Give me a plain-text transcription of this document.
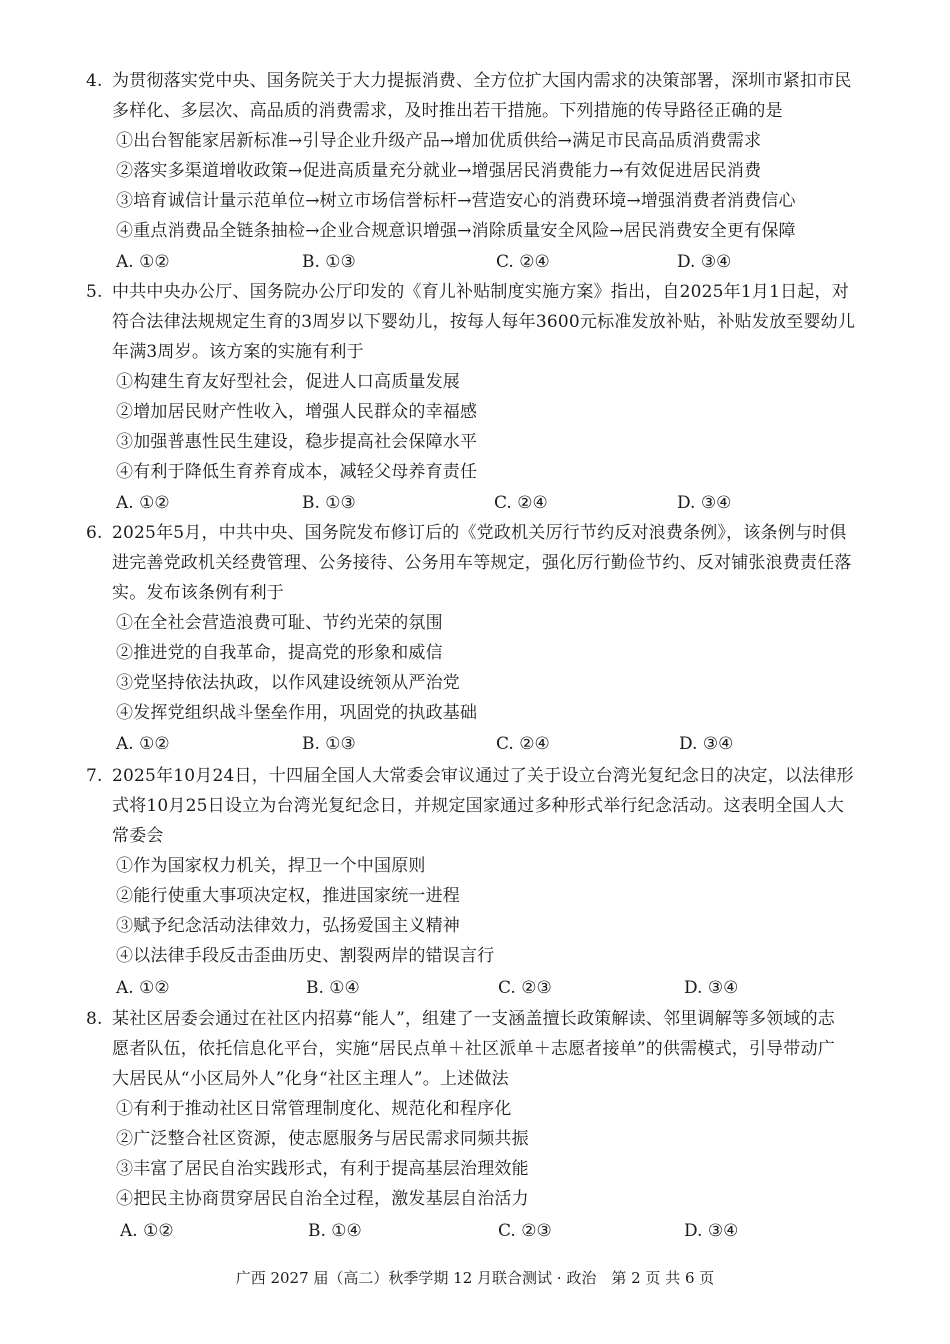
4. 为贯彻落实党中央、国务院关于大力提振消费、全方位扩大国内需求的决策部署，深圳市紧扣市民
多样化、多层次、高品质的消费需求，及时推出若干措施。下列措施的传导路径正确的是
①出台智能家居新标准→引导企业升级产品→增加优质供给→满足市民高品质消费需求
②落实多渠道增收政策→促进高质量充分就业→增强居民消费能力→有效促进居民消费
③培育诚信计量示范单位→树立市场信誉标杆→营造安心的消费环境→增强消费者消费信心
④重点消费品全链条抽检→企业合规意识增强→消除质量安全风险→居民消费安全更有保障
A. ①②	B. ①③	C. ②④	D. ③④
5. 中共中央办公厅、国务院办公厅印发的《育儿补贴制度实施方案》指出，自2025年1月1日起，对
符合法律法规规定生育的3周岁以下婴幼儿，按每人每年3600元标准发放补贴，补贴发放至婴幼儿
年满3周岁。该方案的实施有利于
①构建生育友好型社会，促进人口高质量发展
②增加居民财产性收入，增强人民群众的幸福感
③加强普惠性民生建设，稳步提高社会保障水平
④有利于降低生育养育成本，减轻父母养育责任
A. ①②	B. ①③	C. ②④	D. ③④
6. 2025年5月，中共中央、国务院发布修订后的《党政机关厉行节约反对浪费条例》，该条例与时俱
进完善党政机关经费管理、公务接待、公务用车等规定，强化厉行勤俭节约、反对铺张浪费责任落
实。发布该条例有利于
①在全社会营造浪费可耻、节约光荣的氛围
②推进党的自我革命，提高党的形象和威信
③党坚持依法执政，以作风建设统领从严治党
④发挥党组织战斗堡垒作用，巩固党的执政基础
A. ①②	B. ①③	C. ②④	D. ③④
7. 2025年10月24日，十四届全国人大常委会审议通过了关于设立台湾光复纪念日的决定，以法律形
式将10月25日设立为台湾光复纪念日，并规定国家通过多种形式举行纪念活动。这表明全国人大
常委会
①作为国家权力机关，捍卫一个中国原则
②能行使重大事项决定权，推进国家统一进程
③赋予纪念活动法律效力，弘扬爱国主义精神
④以法律手段反击歪曲历史、割裂两岸的错误言行
A. ①②	B. ①④	C. ②③	D. ③④
8. 某社区居委会通过在社区内招募“能人”，组建了一支涵盖擅长政策解读、邻里调解等多领域的志
愿者队伍，依托信息化平台，实施“居民点单＋社区派单＋志愿者接单”的供需模式，引导带动广
大居民从“小区局外人”化身“社区主理人”。上述做法
①有利于推动社区日常管理制度化、规范化和程序化
②广泛整合社区资源，使志愿服务与居民需求同频共振
③丰富了居民自治实践形式，有利于提高基层治理效能
④把民主协商贯穿居民自治全过程，激发基层自治活力
A. ①②	B. ①④	C. ②③	D. ③④
广西 2027 届（高二）秋季学期 12 月联合测试 · 政治　第 2 页 共 6 页
